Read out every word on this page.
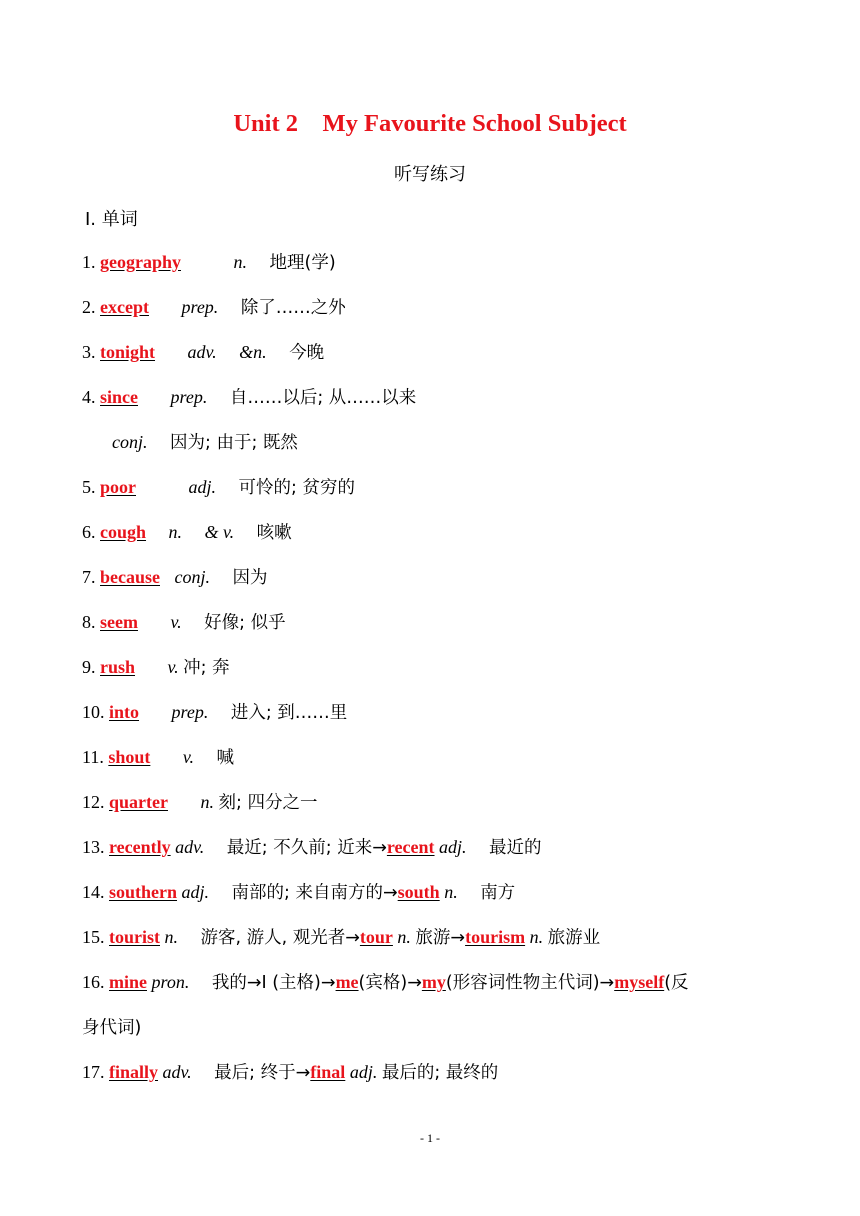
Unit 2    My Favourite School Subject
听写练习
Ⅰ. 单词
1. geography	n. 地理(学)
2. except prep. 除了……之外
3. tonight adv. &n. 今晚
4. since prep. 自……以后; 从……以来
conj. 因为; 由于; 既然
5. poor	adj. 可怜的; 贫穷的
6. cough n. & v. 咳嗽
7. because conj. 因为
8. seem v. 好像; 似乎
9. rush v. 冲; 奔
10. into prep. 进入; 到……里
11. shout v. 喊
12. quarter n. 刻; 四分之一
13. recently adv. 最近; 不久前; 近来→recent adj. 最近的
14. southern adj. 南部的; 来自南方的→south n. 南方
15. tourist n. 游客, 游人, 观光者→tour n. 旅游→tourism n. 旅游业
16. mine pron. 我的→I (主格)→me(宾格)→my(形容词性物主代词)→myself(反
身代词)
17. finally adv. 最后; 终于→final adj. 最后的; 最终的
- 1 -
